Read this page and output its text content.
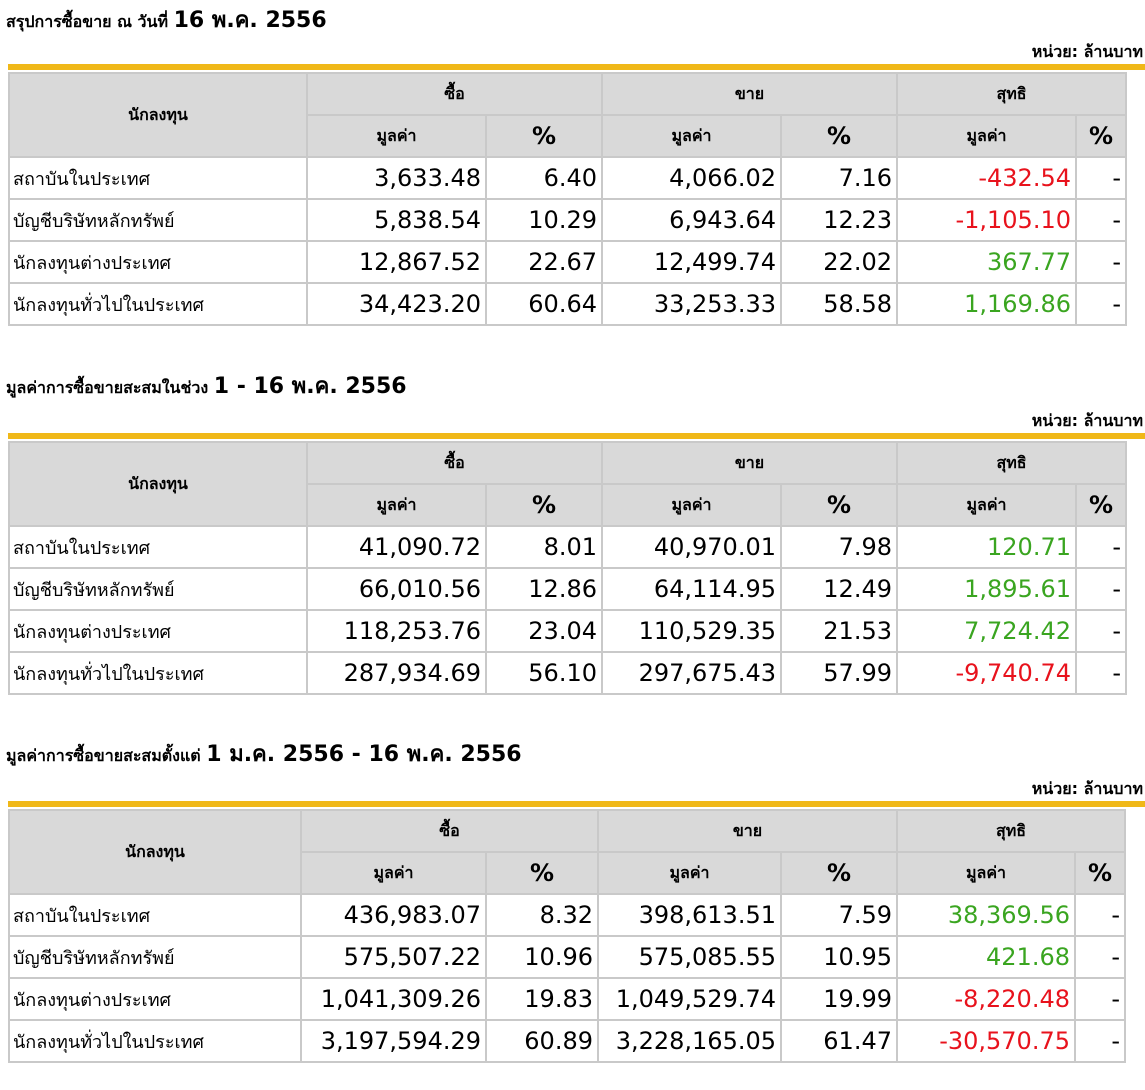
สรุปการซื้อขาย ณ วันที่ 16 พ.ค. 2556
หน่วย: ล้านบาท
นักลงทุน	ซื้อ		ขาย		สุทธิ	
	มูลค่า	%	มูลค่า	%	มูลค่า	%
สถาบันในประเทศ	3,633.48	6.40	4,066.02	7.16	-432.54	-
บัญชีบริษัทหลักทรัพย์	5,838.54	10.29	6,943.64	12.23	-1,105.10	-
นักลงทุนต่างประเทศ	12,867.52	22.67	12,499.74	22.02	367.77	-
นักลงทุนทั่วไปในประเทศ	34,423.20	60.64	33,253.33	58.58	1,169.86	-
มูลค่าการซื้อขายสะสมในช่วง 1 - 16 พ.ค. 2556
หน่วย: ล้านบาท
นักลงทุน	ซื้อ		ขาย		สุทธิ	
	มูลค่า	%	มูลค่า	%	มูลค่า	%
สถาบันในประเทศ	41,090.72	8.01	40,970.01	7.98	120.71	-
บัญชีบริษัทหลักทรัพย์	66,010.56	12.86	64,114.95	12.49	1,895.61	-
นักลงทุนต่างประเทศ	118,253.76	23.04	110,529.35	21.53	7,724.42	-
นักลงทุนทั่วไปในประเทศ	287,934.69	56.10	297,675.43	57.99	-9,740.74	-
มูลค่าการซื้อขายสะสมตั้งแต่ 1 ม.ค. 2556 - 16 พ.ค. 2556
หน่วย: ล้านบาท
นักลงทุน	ซื้อ		ขาย		สุทธิ	
	มูลค่า	%	มูลค่า	%	มูลค่า	%
สถาบันในประเทศ	436,983.07	8.32	398,613.51	7.59	38,369.56	-
บัญชีบริษัทหลักทรัพย์	575,507.22	10.96	575,085.55	10.95	421.68	-
นักลงทุนต่างประเทศ	1,041,309.26	19.83	1,049,529.74	19.99	-8,220.48	-
นักลงทุนทั่วไปในประเทศ	3,197,594.29	60.89	3,228,165.05	61.47	-30,570.75	-
